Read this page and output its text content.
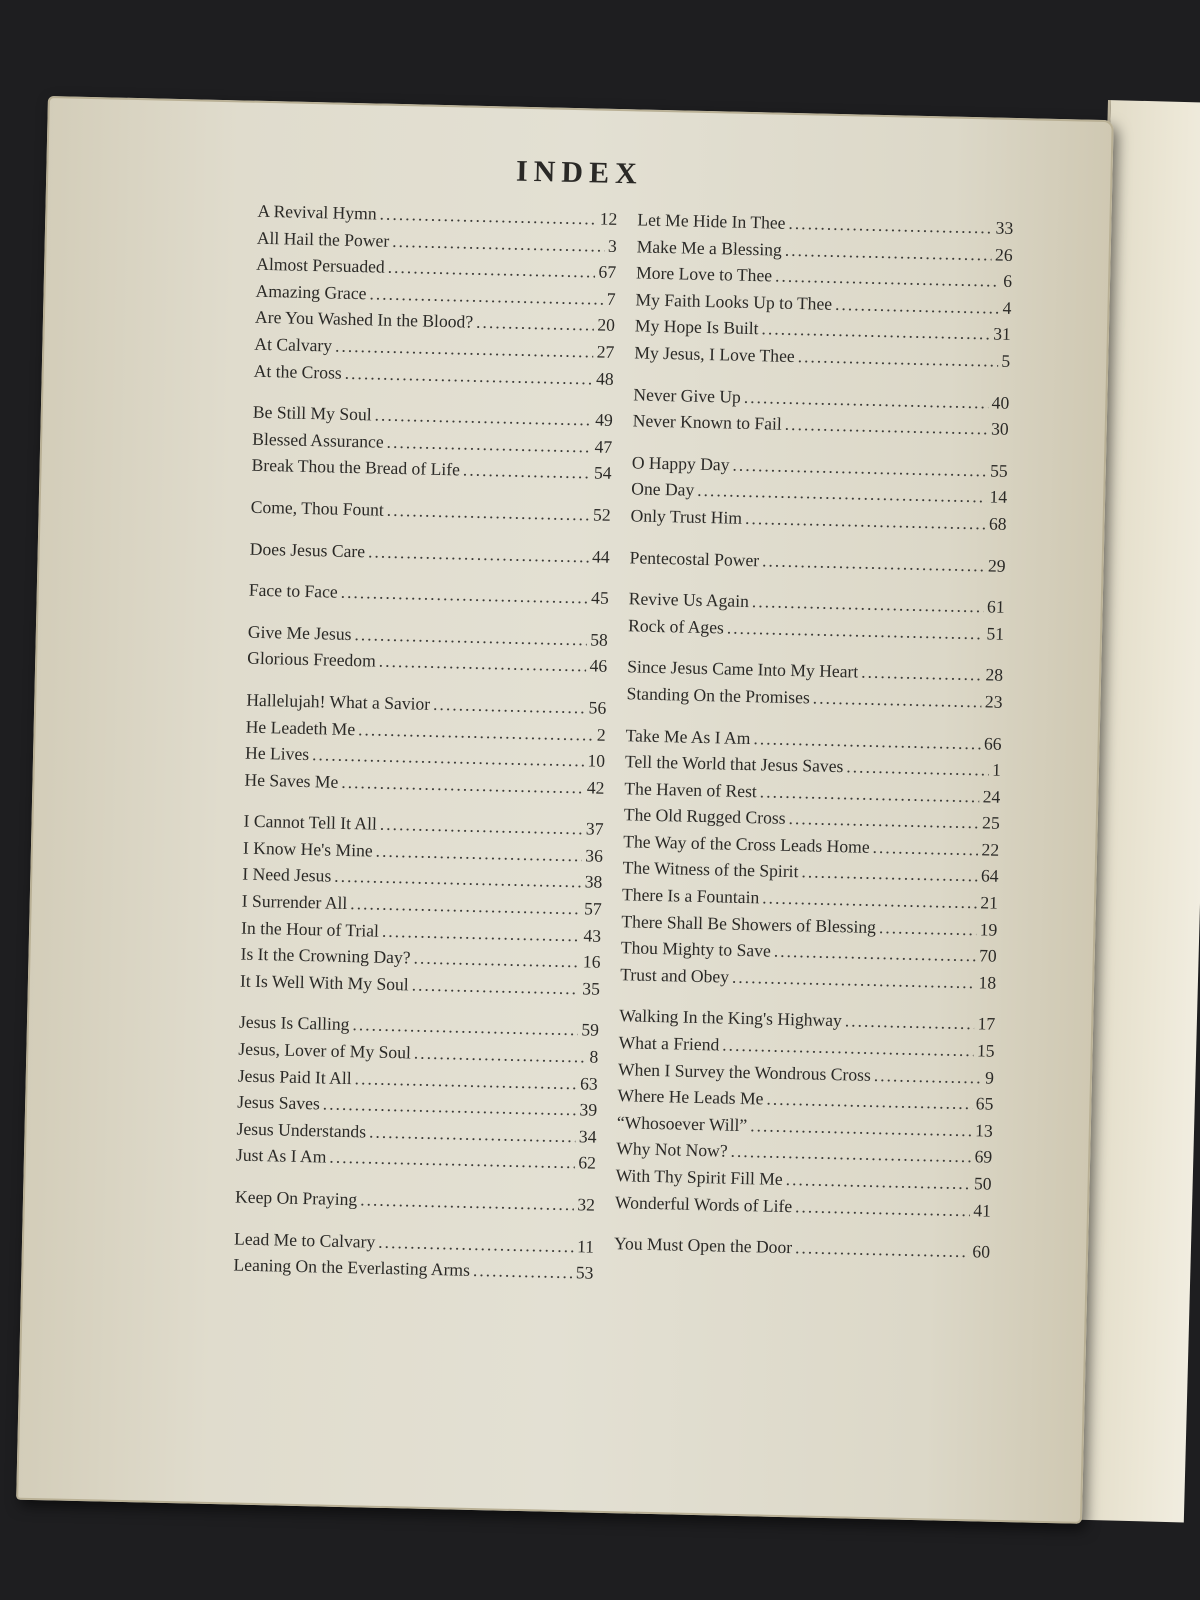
INDEX
A Revival Hymn .....	12
All Hail the Power .....	3
Almost Persuaded .....	67
Amazing Grace .....	7
Are You Washed In the Blood? .....	20
At Calvary .....	27
At the Cross .....	48
Be Still My Soul .....	49
Blessed Assurance .....	47
Break Thou the Bread of Life .....	54
Come, Thou Fount .....	52
Does Jesus Care .....	44
Face to Face .....	45
Give Me Jesus .....	58
Glorious Freedom .....	46
Hallelujah! What a Savior .....	56
He Leadeth Me .....	2
He Lives .....	10
He Saves Me .....	42
I Cannot Tell It All .....	37
I Know He's Mine .....	36
I Need Jesus .....	38
I Surrender All .....	57
In the Hour of Trial .....	43
Is It the Crowning Day? .....	16
It Is Well With My Soul .....	35
Jesus Is Calling .....	59
Jesus, Lover of My Soul .....	8
Jesus Paid It All .....	63
Jesus Saves .....	39
Jesus Understands .....	34
Just As I Am .....	62
Keep On Praying .....	32
Lead Me to Calvary .....	11
Leaning On the Everlasting Arms .....	53
Let Me Hide In Thee .....	33
Make Me a Blessing .....	26
More Love to Thee .....	6
My Faith Looks Up to Thee .....	4
My Hope Is Built .....	31
My Jesus, I Love Thee .....	5
Never Give Up .....	40
Never Known to Fail .....	30
O Happy Day .....	55
One Day .....	14
Only Trust Him .....	68
Pentecostal Power .....	29
Revive Us Again .....	61
Rock of Ages .....	51
Since Jesus Came Into My Heart .....	28
Standing On the Promises .....	23
Take Me As I Am .....	66
Tell the World that Jesus Saves .....	1
The Haven of Rest .....	24
The Old Rugged Cross .....	25
The Way of the Cross Leads Home .....	22
The Witness of the Spirit .....	64
There Is a Fountain .....	21
There Shall Be Showers of Blessing .....	19
Thou Mighty to Save .....	70
Trust and Obey .....	18
Walking In the King's Highway .....	17
What a Friend .....	15
When I Survey the Wondrous Cross .....	9
Where He Leads Me .....	65
“Whosoever Will” .....	13
Why Not Now? .....	69
With Thy Spirit Fill Me .....	50
Wonderful Words of Life .....	41
You Must Open the Door .....	60
